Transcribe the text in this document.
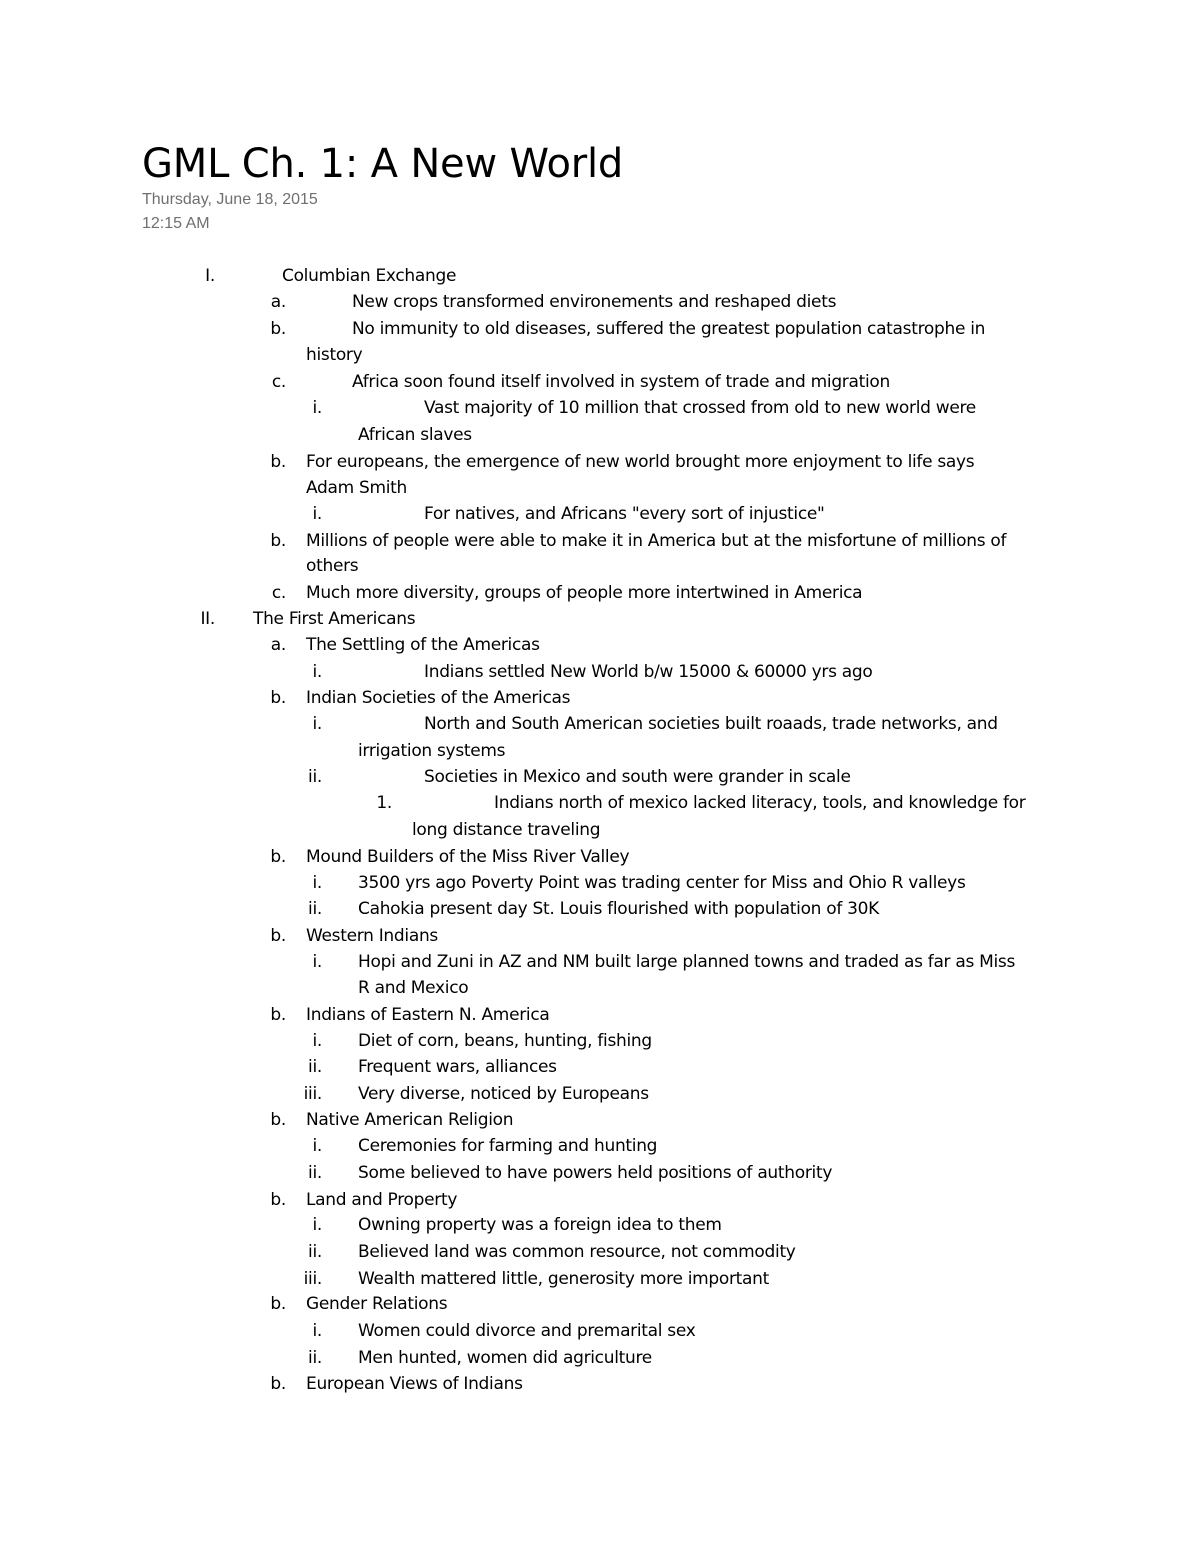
GML Ch. 1: A New World
Thursday, June 18, 2015
12:15 AM
I.	Columbian Exchange
a.	New crops transformed environements and reshaped diets
b.	No immunity to old diseases, suffered the greatest population catastrophe in
history
c.	Africa soon found itself involved in system of trade and migration
i.	Vast majority of 10 million that crossed from old to new world were
African slaves
b. For europeans, the emergence of new world brought more enjoyment to life says
Adam Smith
i.	For natives, and Africans "every sort of injustice"
b. Millions of people were able to make it in America but at the misfortune of millions of
others
c. Much more diversity, groups of people more intertwined in America
II. The First Americans
a. The Settling of the Americas
i.	Indians settled New World b/w 15000 & 60000 yrs ago
b. Indian Societies of the Americas
i.	North and South American societies built roaads, trade networks, and
irrigation systems
ii.	Societies in Mexico and south were grander in scale
1.	Indians north of mexico lacked literacy, tools, and knowledge for
long distance traveling
b. Mound Builders of the Miss River Valley
i. 3500 yrs ago Poverty Point was trading center for Miss and Ohio R valleys
ii. Cahokia present day St. Louis flourished with population of 30K
b. Western Indians
i. Hopi and Zuni in AZ and NM built large planned towns and traded as far as Miss
R and Mexico
b. Indians of Eastern N. America
i. Diet of corn, beans, hunting, fishing
ii. Frequent wars, alliances
iii. Very diverse, noticed by Europeans
b. Native American Religion
i. Ceremonies for farming and hunting
ii. Some believed to have powers held positions of authority
b. Land and Property
i. Owning property was a foreign idea to them
ii. Believed land was common resource, not commodity
iii. Wealth mattered little, generosity more important
b. Gender Relations
i. Women could divorce and premarital sex
ii. Men hunted, women did agriculture
b. European Views of Indians
